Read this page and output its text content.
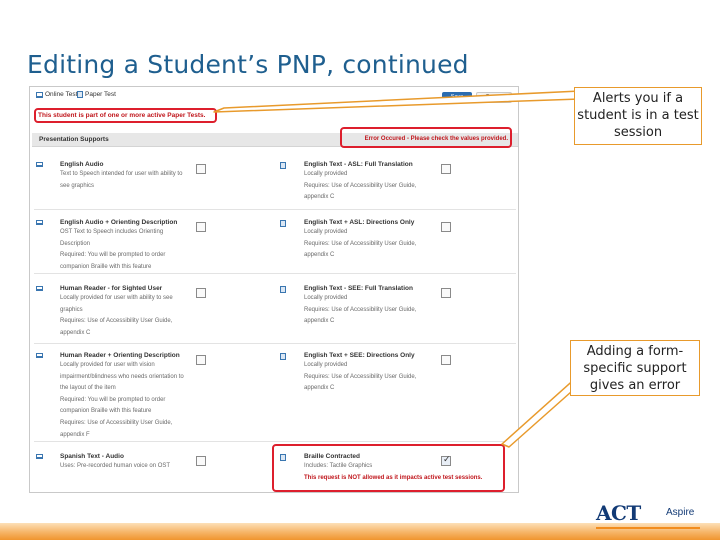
Editing a Student’s PNP, continued
Online Test Paper Test
This student is part of one or more active Paper Tests.
Presentation Supports	Error Occured - Please check the values provided.
English Audio
Text to Speech intended for user with ability to
see graphics
English Audio + Orienting Description
OST Text to Speech includes Orienting
Description
Required: You will be prompted to order
companion Braille with this feature
Human Reader - for Sighted User
Locally provided for user with ability to see
graphics
Requires: Use of Accessibility User Guide,
appendix C
Human Reader + Orienting Description
Locally provided for user with vision
impairment/blindness who needs orientation to
the layout of the item
Required: You will be prompted to order
companion Braille with this feature
Requires: Use of Accessibility User Guide,
appendix F
Spanish Text - Audio
Uses: Pre-recorded human voice on OST
English Text - ASL: Full Translation
Locally provided
Requires: Use of Accessibility User Guide,
appendix C
English Text + ASL: Directions Only
Locally provided
Requires: Use of Accessibility User Guide,
appendix C
English Text - SEE: Full Translation
Locally provided
Requires: Use of Accessibility User Guide,
appendix C
English Text + SEE: Directions Only
Locally provided
Requires: Use of Accessibility User Guide,
appendix C
Braille Contracted
Includes: Tactile Graphics
This request is NOT allowed as it impacts active test sessions.
✓
Alerts you if a student is in a test session
Adding a form-specific support gives an error
ACT	Aspire
